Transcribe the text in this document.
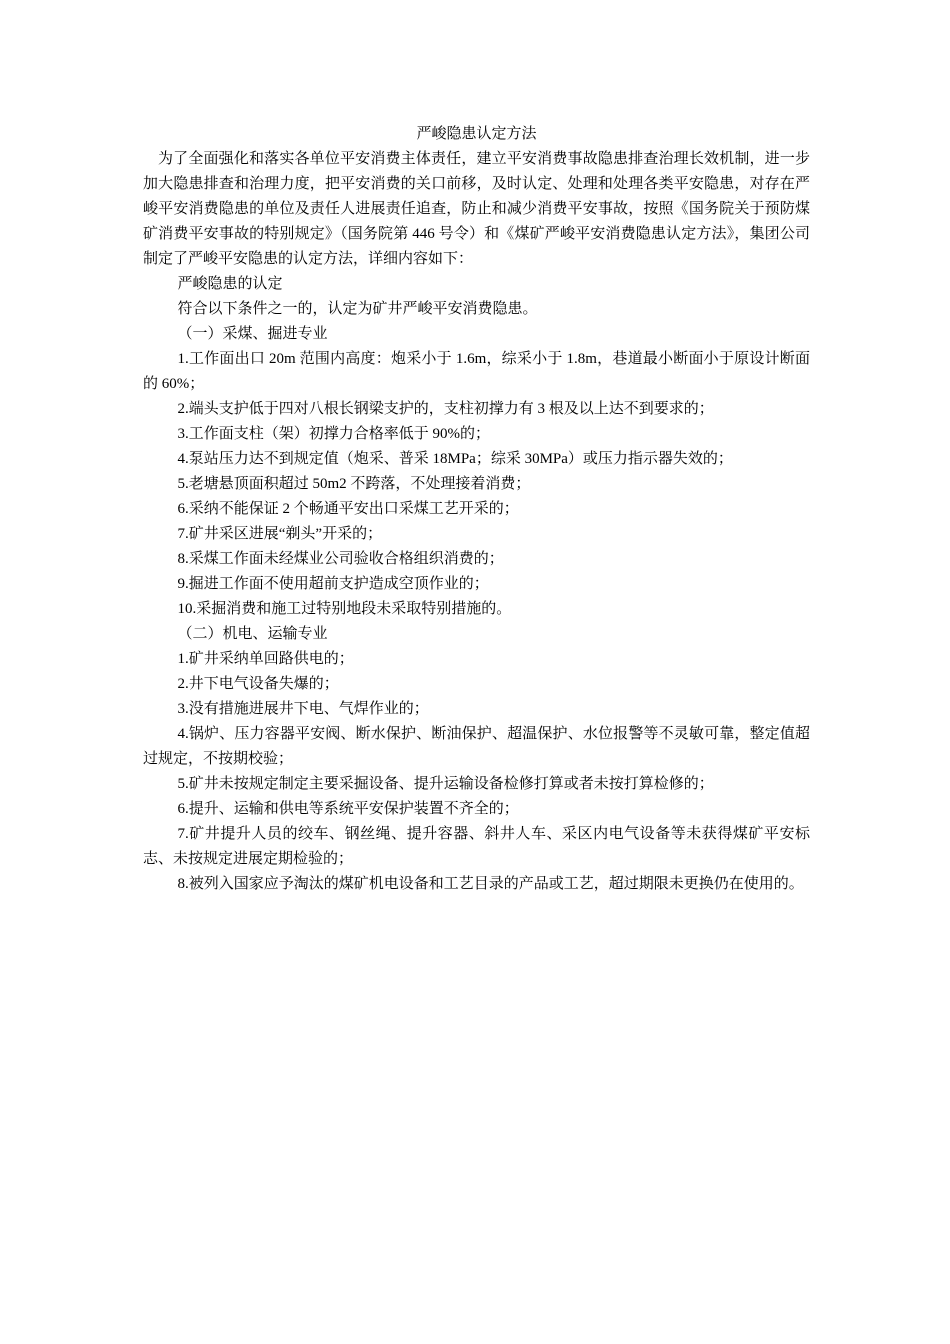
严峻隐患认定方法

为了全面强化和落实各单位平安消费主体责任，建立平安消费事故隐患排查治理长效机制，进一步加大隐患排查和治理力度，把平安消费的关口前移，及时认定、处理和处理各类平安隐患，对存在严峻平安消费隐患的单位及责任人进展责任追查，防止和减少消费平安事故，按照《国务院关于预防煤矿消费平安事故的特别规定》（国务院第 446 号令）和《煤矿严峻平安消费隐患认定方法》，集团公司制定了严峻平安隐患的认定方法，详细内容如下：

严峻隐患的认定

符合以下条件之一的，认定为矿井严峻平安消费隐患。

（一）采煤、掘进专业

1.工作面出口 20m 范围内高度：炮采小于 1.6m，综采小于 1.8m，巷道最小断面小于原设计断面的 60%；

2.端头支护低于四对八根长钢梁支护的，支柱初撑力有 3 根及以上达不到要求的；

3.工作面支柱（架）初撑力合格率低于 90%的；

4.泵站压力达不到规定值（炮采、普采 18MPa；综采 30MPa）或压力指示器失效的；

5.老塘悬顶面积超过 50m2 不跨落，不处理接着消费；

6.采纳不能保证 2 个畅通平安出口采煤工艺开采的；

7.矿井采区进展“剃头”开采的；

8.采煤工作面未经煤业公司验收合格组织消费的；

9.掘进工作面不使用超前支护造成空顶作业的；

10.采掘消费和施工过特别地段未采取特别措施的。

（二）机电、运输专业

1.矿井采纳单回路供电的；

2.井下电气设备失爆的；

3.没有措施进展井下电、气焊作业的；

4.锅炉、压力容器平安阀、断水保护、断油保护、超温保护、水位报警等不灵敏可靠，整定值超过规定，不按期校验；

5.矿井未按规定制定主要采掘设备、提升运输设备检修打算或者未按打算检修的；

6.提升、运输和供电等系统平安保护装置不齐全的；

7.矿井提升人员的绞车、钢丝绳、提升容器、斜井人车、采区内电气设备等未获得煤矿平安标志、未按规定进展定期检验的；

8.被列入国家应予淘汰的煤矿机电设备和工艺目录的产品或工艺，超过期限未更换仍在使用的。
